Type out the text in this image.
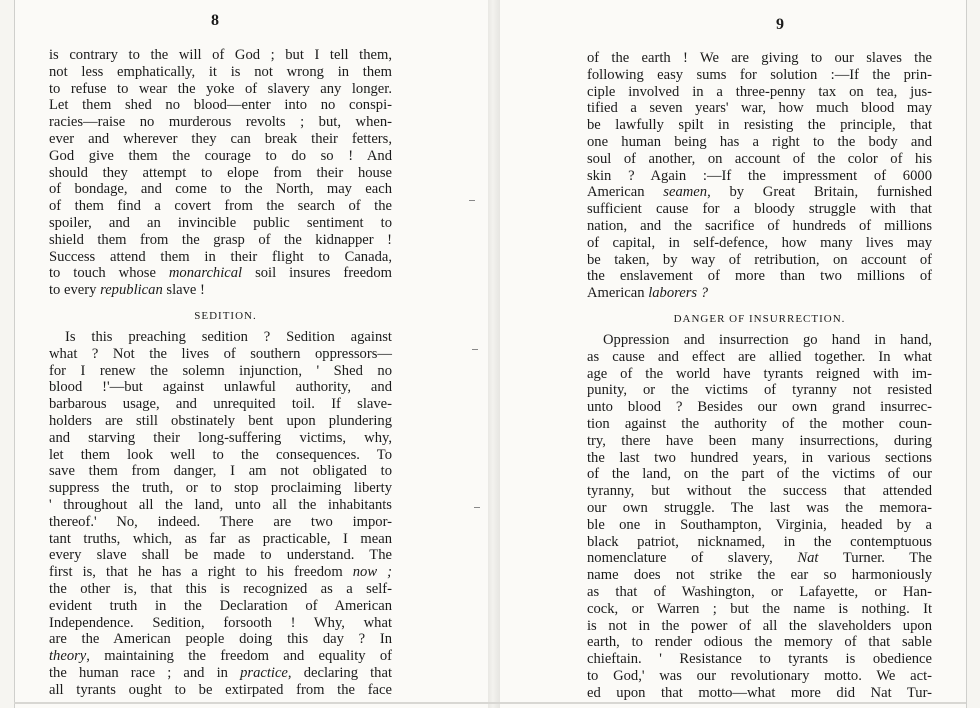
8
is contrary to the will of God ; but I tell them,
not less emphatically, it is not wrong in them
to refuse to wear the yoke of slavery any longer.
Let them shed no blood—enter into no conspi-
racies—raise no murderous revolts ; but, when-
ever and wherever they can break their fetters,
God give them the courage to do so ! And
should they attempt to elope from their house
of bondage, and come to the North, may each
of them find a covert from the search of the
spoiler, and an invincible public sentiment to
shield them from the grasp of the kidnapper !
Success attend them in their flight to Canada,
to touch whose monarchical soil insures freedom
to every republican slave !
SEDITION.
Is this preaching sedition ? Sedition against
what ? Not the lives of southern oppressors—
for I renew the solemn injunction, ' Shed no
blood !'—but against unlawful authority, and
barbarous usage, and unrequited toil. If slave-
holders are still obstinately bent upon plundering
and starving their long-suffering victims, why,
let them look well to the consequences. To
save them from danger, I am not obligated to
suppress the truth, or to stop proclaiming liberty
' throughout all the land, unto all the inhabitants
thereof.' No, indeed. There are two impor-
tant truths, which, as far as practicable, I mean
every slave shall be made to understand. The
first is, that he has a right to his freedom now ;
the other is, that this is recognized as a self-
evident truth in the Declaration of American
Independence. Sedition, forsooth ! Why, what
are the American people doing this day ? In
theory, maintaining the freedom and equality of
the human race ; and in practice, declaring that
all tyrants ought to be extirpated from the face
9
of the earth ! We are giving to our slaves the
following easy sums for solution :—If the prin-
ciple involved in a three-penny tax on tea, jus-
tified a seven years' war, how much blood may
be lawfully spilt in resisting the principle, that
one human being has a right to the body and
soul of another, on account of the color of his
skin ? Again :—If the impressment of 6000
American seamen, by Great Britain, furnished
sufficient cause for a bloody struggle with that
nation, and the sacrifice of hundreds of millions
of capital, in self-defence, how many lives may
be taken, by way of retribution, on account of
the enslavement of more than two millions of
American laborers ?
DANGER OF INSURRECTION.
Oppression and insurrection go hand in hand,
as cause and effect are allied together. In what
age of the world have tyrants reigned with im-
punity, or the victims of tyranny not resisted
unto blood ? Besides our own grand insurrec-
tion against the authority of the mother coun-
try, there have been many insurrections, during
the last two hundred years, in various sections
of the land, on the part of the victims of our
tyranny, but without the success that attended
our own struggle. The last was the memora-
ble one in Southampton, Virginia, headed by a
black patriot, nicknamed, in the contemptuous
nomenclature of slavery, Nat Turner. The
name does not strike the ear so harmoniously
as that of Washington, or Lafayette, or Han-
cock, or Warren ; but the name is nothing. It
is not in the power of all the slaveholders upon
earth, to render odious the memory of that sable
chieftain. ' Resistance to tyrants is obedience
to God,' was our revolutionary motto. We act-
ed upon that motto—what more did Nat Tur-
